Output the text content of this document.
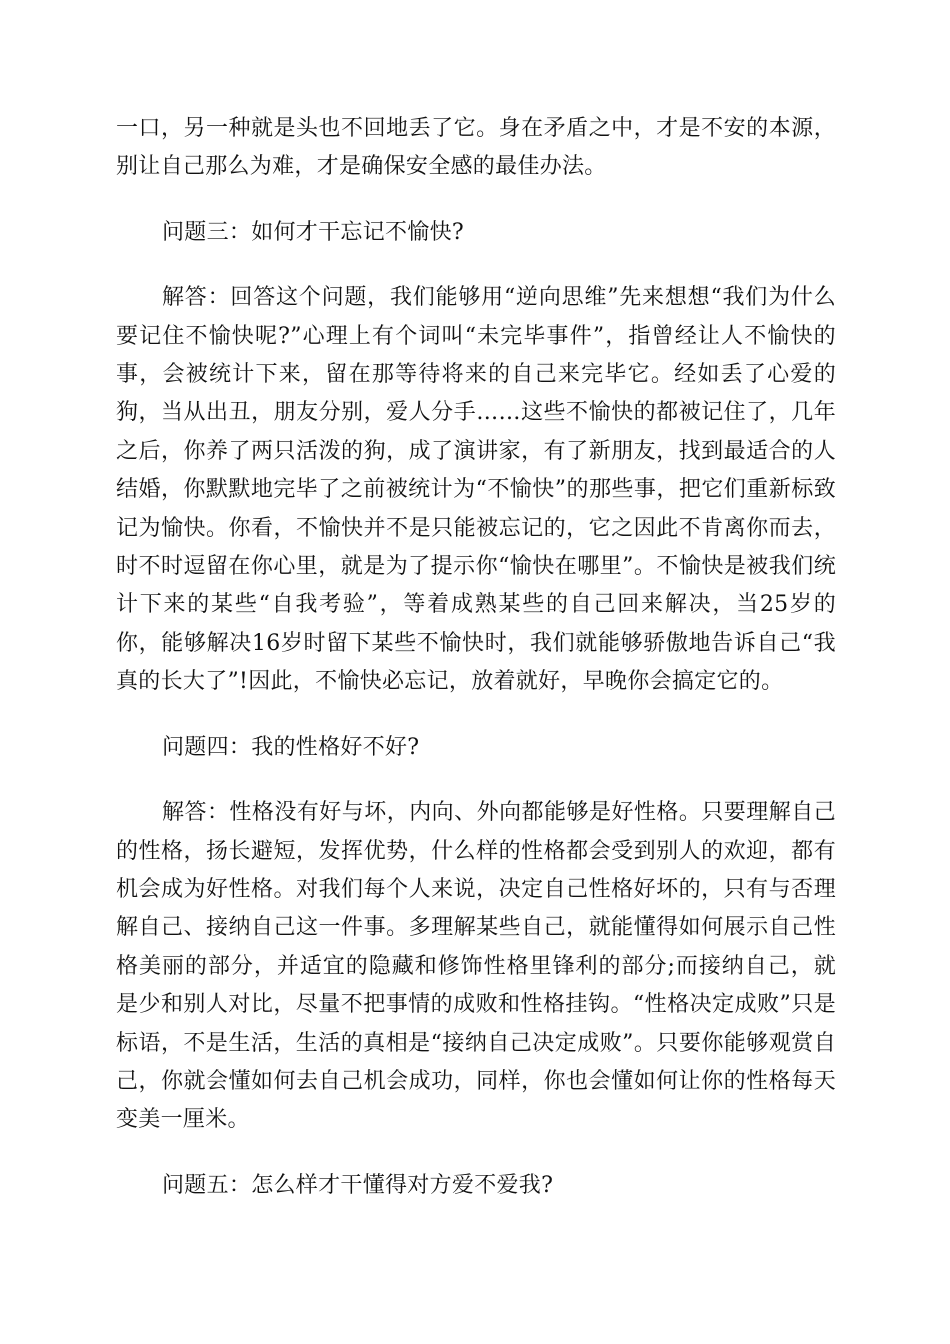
一口，另一种就是头也不回地丢了它。身在矛盾之中，才是不安的本源，别让自己那么为难，才是确保安全感的最佳办法。

问题三：如何才干忘记不愉快?

解答：回答这个问题，我们能够用“逆向思维”先来想想“我们为什么要记住不愉快呢?”心理上有个词叫“未完毕事件”，指曾经让人不愉快的事，会被统计下来，留在那等待将来的自己来完毕它。经如丢了心爱的狗，当从出丑，朋友分别，爱人分手……这些不愉快的都被记住了，几年之后，你养了两只活泼的狗，成了演讲家，有了新朋友，找到最适合的人结婚，你默默地完毕了之前被统计为“不愉快”的那些事，把它们重新标致记为愉快。你看，不愉快并不是只能被忘记的，它之因此不肯离你而去，时不时逗留在你心里，就是为了提示你“愉快在哪里”。不愉快是被我们统计下来的某些“自我考验”，等着成熟某些的自己回来解决，当25岁的你，能够解决16岁时留下某些不愉快时，我们就能够骄傲地告诉自己“我真的长大了”!因此，不愉快必忘记，放着就好，早晚你会搞定它的。

问题四：我的性格好不好?

解答：性格没有好与坏，内向、外向都能够是好性格。只要理解自己的性格，扬长避短，发挥优势，什么样的性格都会受到别人的欢迎，都有机会成为好性格。对我们每个人来说，决定自己性格好坏的，只有与否理解自己、接纳自己这一件事。多理解某些自己，就能懂得如何展示自己性格美丽的部分，并适宜的隐藏和修饰性格里锋利的部分;而接纳自己，就是少和别人对比，尽量不把事情的成败和性格挂钩。“性格决定成败”只是标语，不是生活，生活的真相是“接纳自己决定成败”。只要你能够观赏自己，你就会懂如何去自己机会成功，同样，你也会懂如何让你的性格每天变美一厘米。

问题五：怎么样才干懂得对方爱不爱我?
